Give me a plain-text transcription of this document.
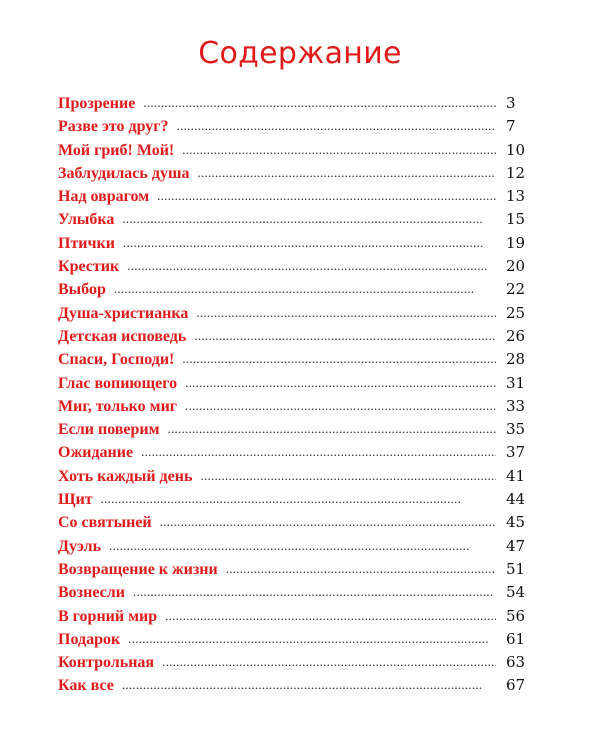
Содержание
Прозрение . . .	3
Разве это друг? . . .	7
Мой гриб! Мой! . . .	10
Заблудилась душа . . .	12
Над оврагом . . .	13
Улыбка . . .	15
Птички . . .	19
Крестик . . .	20
Выбор . . .	22
Душа-христианка . . .	25
Детская исповедь . . .	26
Спаси, Господи! . . .	28
Глас вопиющего . . .	31
Миг, только миг . . .	33
Если поверим . . .	35
Ожидание . . .	37
Хоть каждый день . . .	41
Щит . . .	44
Со святыней . . .	45
Дуэль . . .	47
Возвращение к жизни . . .	51
Вознесли . . .	54
В горний мир . . .	56
Подарок . . .	61
Контрольная . . .	63
Как все . . .	67
